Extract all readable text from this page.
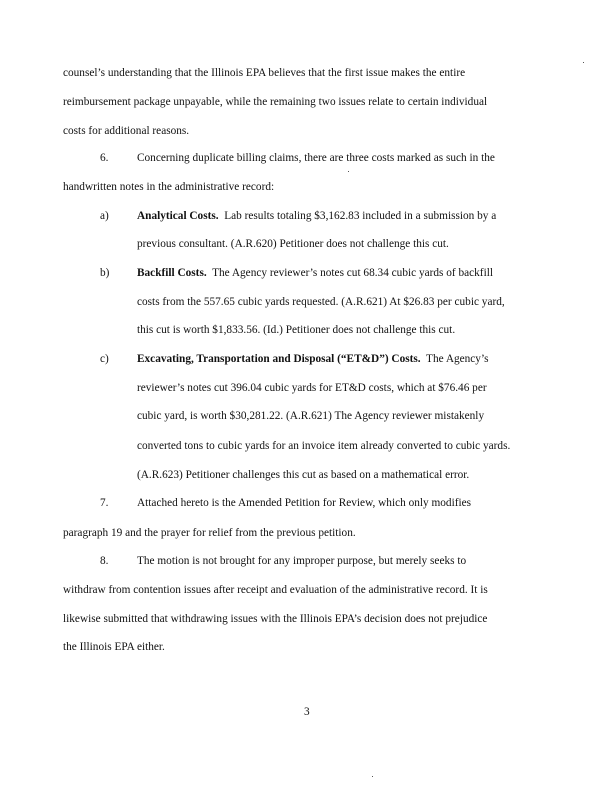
counsel’s understanding that the Illinois EPA believes that the first issue makes the entire
reimbursement package unpayable, while the remaining two issues relate to certain individual
costs for additional reasons.
6.	Concerning duplicate billing claims, there are three costs marked as such in the
handwritten notes in the administrative record:
a) Analytical Costs.  Lab results totaling $3,162.83 included in a submission by a
previous consultant. (A.R.620) Petitioner does not challenge this cut.
b) Backfill Costs.  The Agency reviewer’s notes cut 68.34 cubic yards of backfill
costs from the 557.65 cubic yards requested. (A.R.621) At $26.83 per cubic yard,
this cut is worth $1,833.56. (Id.) Petitioner does not challenge this cut.
c) Excavating, Transportation and Disposal (“ET&D”) Costs.  The Agency’s
reviewer’s notes cut 396.04 cubic yards for ET&D costs, which at $76.46 per
cubic yard, is worth $30,281.22. (A.R.621) The Agency reviewer mistakenly
converted tons to cubic yards for an invoice item already converted to cubic yards.
(A.R.623) Petitioner challenges this cut as based on a mathematical error.
7.	Attached hereto is the Amended Petition for Review, which only modifies
paragraph 19 and the prayer for relief from the previous petition.
8.	The motion is not brought for any improper purpose, but merely seeks to
withdraw from contention issues after receipt and evaluation of the administrative record. It is
likewise submitted that withdrawing issues with the Illinois EPA’s decision does not prejudice
the Illinois EPA either.
3
